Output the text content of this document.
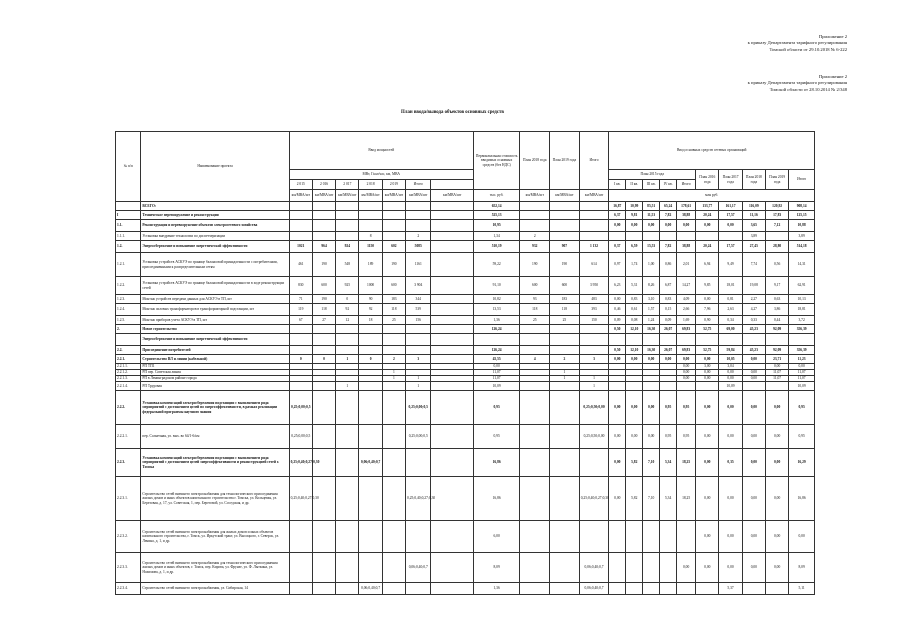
Приложение 2
к приказу Департамента тарифного регулирования
Томской области от 29.10.2018 № 6-222
Приложение 2
к приказу Департамента тарифного регулирования
Томской области от 28.10.2014 № 2/348
План ввода/вывода объектов основных средств
№ п/п	Наименование проекта	Ввод мощностей							Первоначальная стоимость вводимых основных средств (без НДС)	План 2018 года	План 2019 года	Итого	Ввод основных средств сетевых организаций									
		МВт, Гкал/час, км, МВА											План 2015 года					План 2016 года	План 2017 года	План 2018 года	План 2019 года	Итого
		2 015	2 016	2 017	2 018	2 019	Итого						I кв.	II кв.	III кв.	IV кв.	Итого					
		км/МВА/шт	км/МВА/шт	км/МВА/шт	км/МВА/шт	км/МВА/шт	км/МВА/шт	км/МВА/шт	тыс. руб.	км/МВА/шт	км/МВА/шт	км/МВА/шт	млн руб.									
	ВСЕГО:								652,14				16,87	10,99	85,51	65,24	178,61	133,77	161,17	116,09	120,92	908,14
I	Техническое перевооружение и реконструкция								525,13				6,37	9,81	11,53	7,82	38,88	20,24	17,57	11,16	17,83	125,15
1.1.	Реконструкция и перевооружение объектов электросетевого хозяйства								10,95				0,00	0,00	0,00	0,00	0,00	0,00	0,00	3,65	7,12	10,88
1.1.1.	Установка внедрение технологии по диспетчеризации				8		2		1,34	2										3,89		3,89
1.2.	Энергосбережение и повышение энергетической эффективности	1021	964	924	1150	602	5085		510,19	932	907	1 132	0,37	6,59	15,53	7,82	38,88	20,24	17,57	27,45	28,80	514,18
1.2.1.	Установка устройств АСКУЭ по границе балансовой принадлежности с потребителями, присоединенными к распределительным сетям	461	190	548	189	190	1161		59,22	190	190	614	0,97	1,74	1,00	0,86	2,01	6,94	9,49	7,74	0,56	14,31
1.2.2.	Установка устройств АСКУЭ по границе балансовой принадлежности в ходе реконструкции сетей	830	600	925	1000	600	3 904		91,10	600	600	3 950	6,23	5,31	8,26	6,87	14,27	9,85	18,01	19,08	9,17	62,91
1.2.3.	Монтаж устройств передачи данных для АСКУЭ в ТП, шт	71	190	0	90	183	344		10,82	93	183	483	0,00	0,83	3,10	0,83	4,09	0,00	0,81	2,27	0,63	10,13
1.2.4.	Монтаж силовых трансформаторов в трансформаторной подстанции, шт	119	118	92	92	118	539		13,53	118	118	393	0,46	0,61	1,57	0,15	2,66	7,96	2,63	4,27	3,86	18,81
1.2.5.	Монтаж приборов учета АСКУЭ в ТП, шт	67	27	12	18	25	156		1,36	25	25	150	0,09	0,08	1,24	0,09	1,69	0,90	0,34	0,33	0,44	3,72
2.	Новое строительство								126,24				0,50	12,10	16,30	26,07	69,83	52,75	69,00	45,23	92,09	356,39
	Энергосбережение и повышение энергетической эффективности																					
2.2.	Присоединение потребителей								126,24				0,50	12,10	16,30	26,07	69,83	52,75	59,84	45,23	92,09	356,39
2.2.1.	Строительство ВЛ и линии (кабельной)	0	0	1	0	2	3		45,55	4	2	3	0,00	0,00	0,00	0,00	0,00	0,00	10,05	0,00	23,71	11,23
2.2.1.1.	РП ТП1								0,00								0,00	3,00	3,04		0,00	0,00
2.2.1.2.	РП пер. Советская линия					1			11,07		1						0,00	0,00	0,00	0,00	11,07	11,07
2.2.1.3.	РП в Ленинградском районе города					1	1		11,07		1	1					0,00	0,00	0,00	0,00	11,07	11,07
2.2.1.4.	РП Трудовая			1			1		10,09			1							10,09			10,09
2.2.2.	Установка компенсаций электросбережения подстанции с выполнением ряда мероприятий с достижением целей по энергоэффективности, в рамках реализации федеральной программы научного знания	0,25;0,00;0,5					0,25;0,00;0,5		0,95			0,25;0,50;0,00	0,00	0,00	0,00	0,95	0,95	0,00	0,00	0,00	0,00	0,95
2.2.2.1.	пер. Солнечная, ул. вых. во 64/1-6/км	0,25;0,00;0,5					0,25;0,00;0,5		0,95			0,25;0,50;0,00	0,00	0,00	0,00	0,95	0,95	0,00	0,00	0,00	0,00	0,95
2.2.3.	Установка компенсаций электросбережения подстанции с выполнением ряда мероприятий с достижением целей энергоэффективности и реконструкцией сетей г. Томска	0,25;0,40;0,27;0,30			0,06;0,40;0,7				16,86				0,00	5,82	7,10	5,34	18,25	0,00	0,35	0,00	0,00	16,29
2.2.3.1.	Строительство сетей внешнего электроснабжения для технологического присоединения жилых домов и иных объектов капитального строительства г. Томска, ул. Кольцевая, ул. Березовая, д. 17, ул. Советская, 1, пер. Береговой, ул. Соседская, и др.	0,25;0,40;0,27;0,30					0,25;0,40;0,27;0,30		16,86			0,25;0,40;0,27;0,30	0,00	5,82	7,10	5,34	18,25	0,00	0,00	0,00	0,00	16,86
2.2.3.2.	Строительство сетей внешнего электроснабжения для жилых домов и иных объектов капитального строительства, г. Томск, ул. Иркутский тракт, ул. Высоцкого, г. Северск, ул. Ленина, д. 1, и др.								6,00									0,00	0,00	0,00	0,00	0,00
2.2.3.3.	Строительство сетей внешнего электроснабжения для технологического присоединения жилых домов и иных объектов, г. Томск, пер. Кирова, ул. Фрунзе, ул. Ф. Лыткина, ул. Нахимова, д. 1, и др.						0,06;0,40;0,7		8,09			0,06;0,40;0,7					0,00	0,00	0,00	0,00	0,00	8,09
2.2.3.4.	Строительство сетей внешнего электроснабжения, ул. Сибирская, 14				0,06;0,40;0,7				1,36			0,06;0,40;0,7							5,37			5,11
